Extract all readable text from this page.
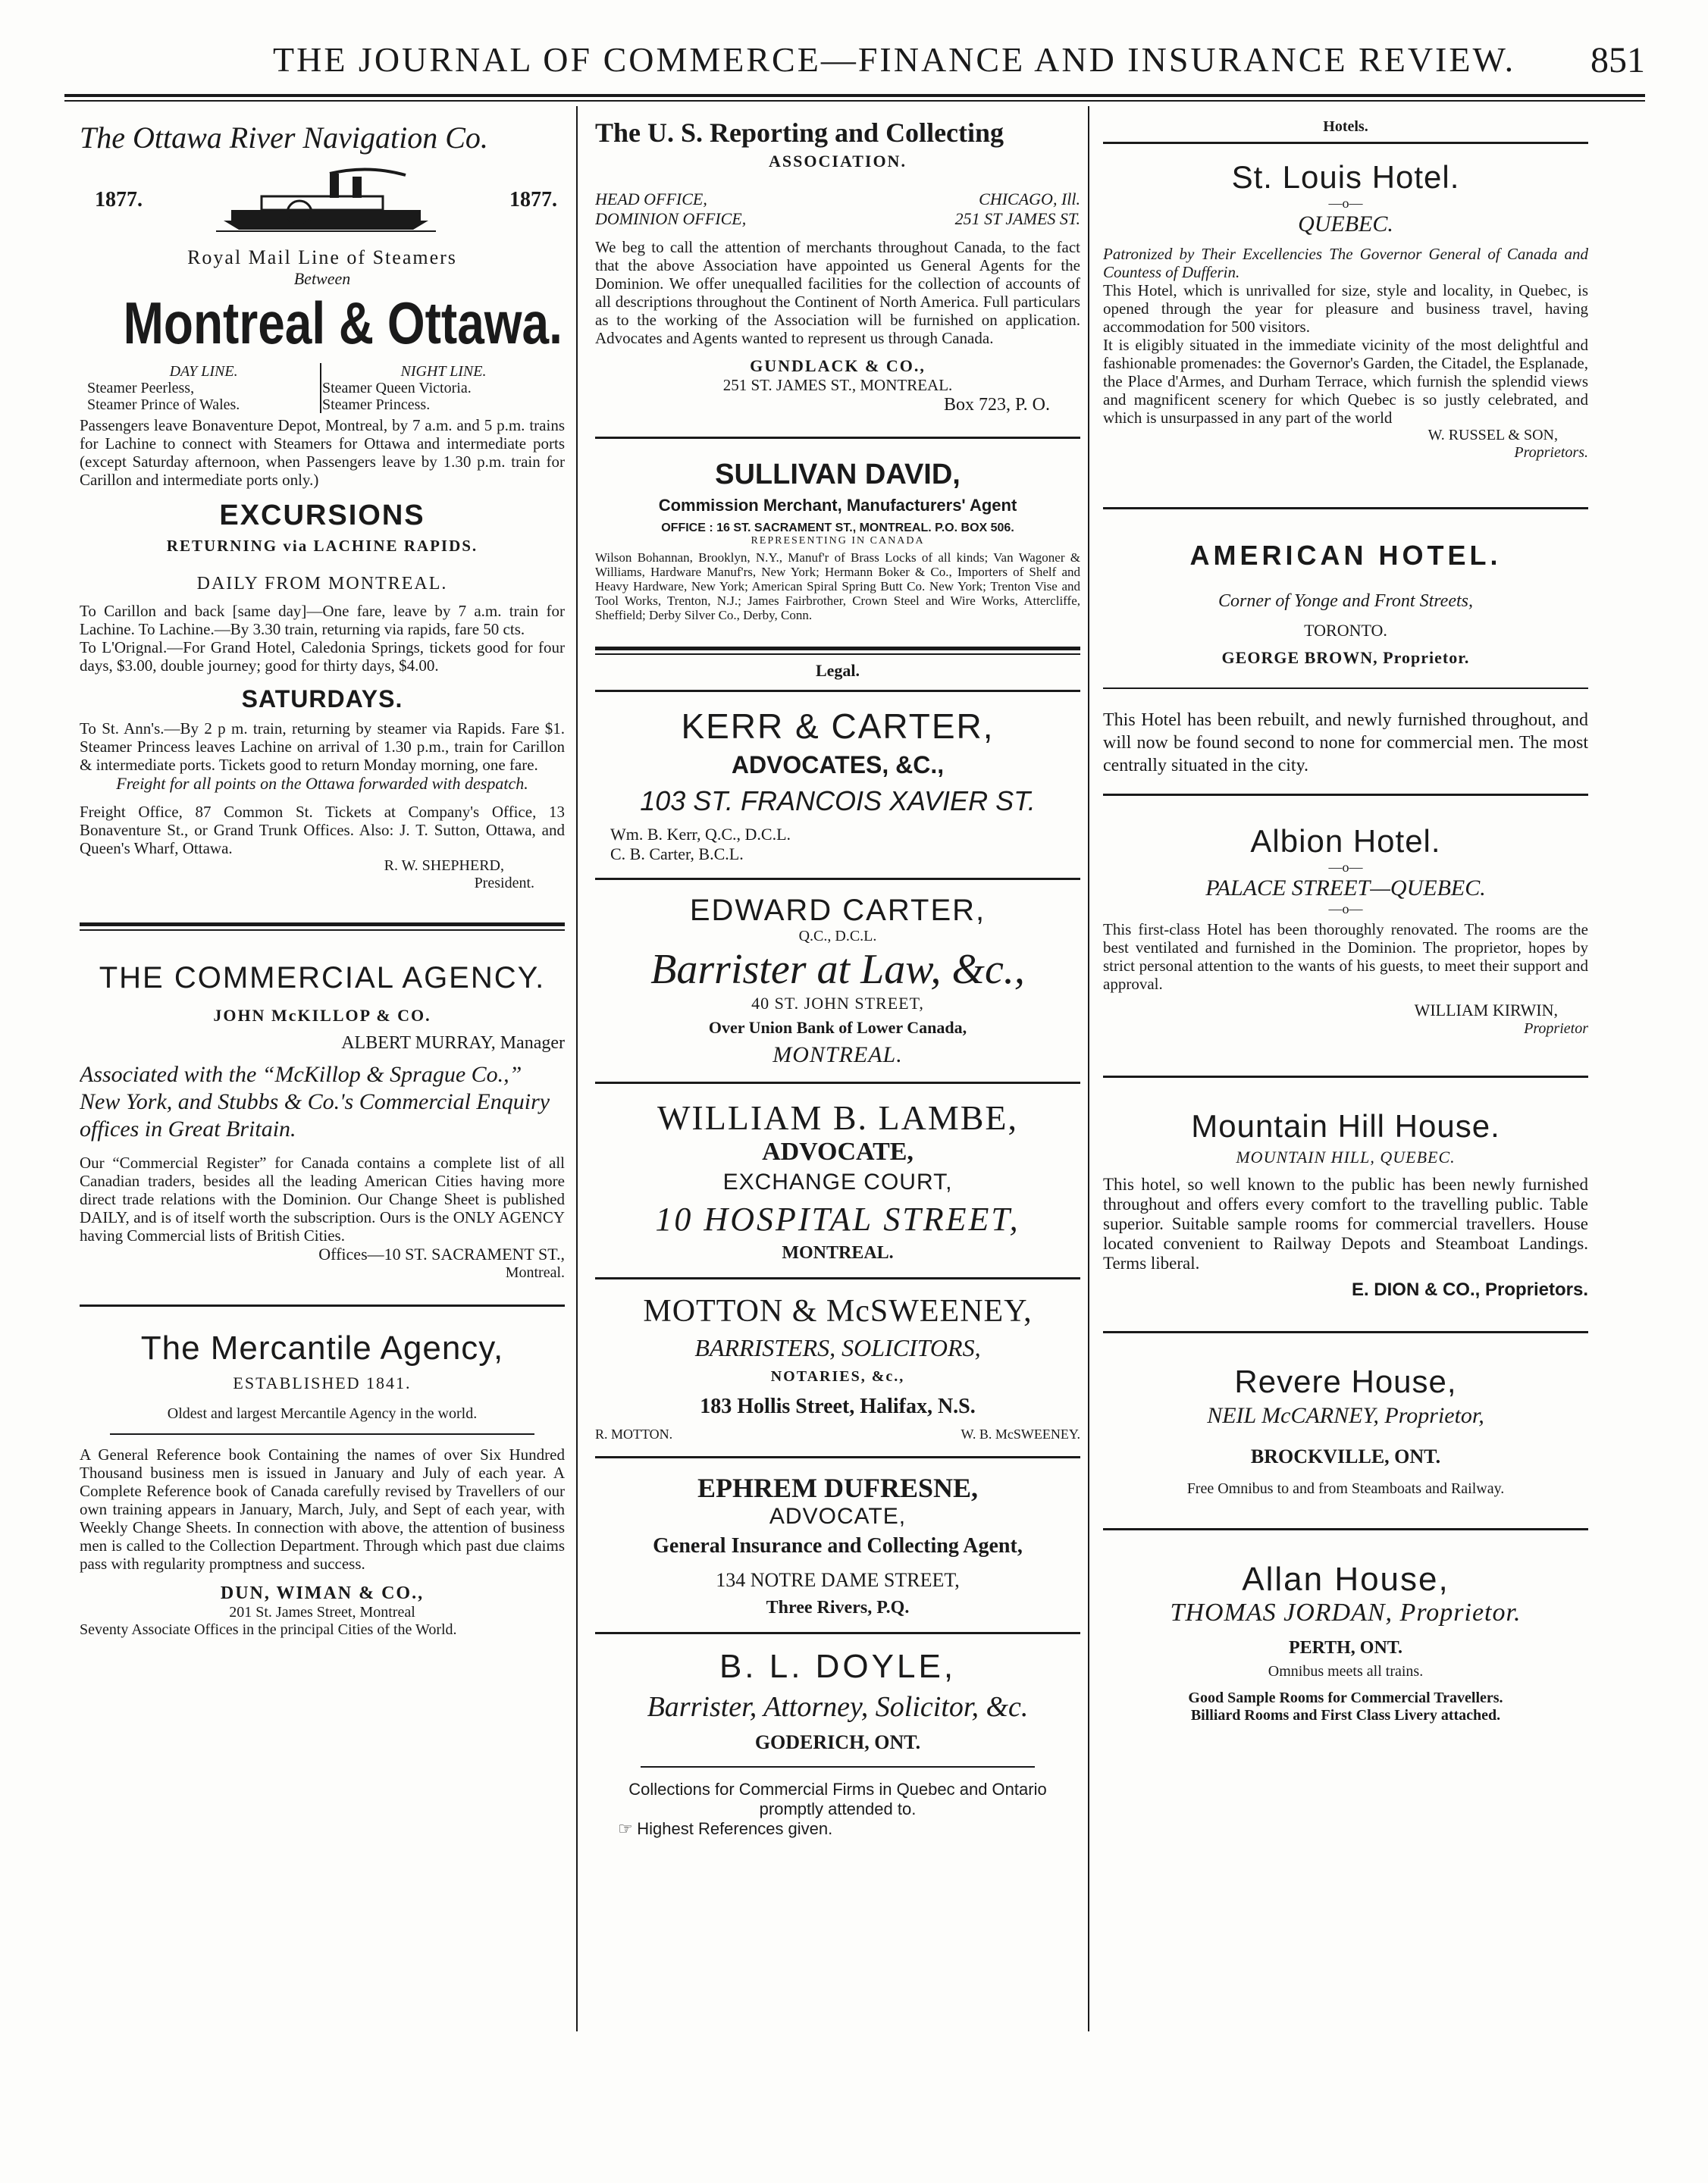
THE JOURNAL OF COMMERCE—FINANCE AND INSURANCE REVIEW. 851
The Ottawa River Navigation Co.
1877.	1877.
Royal Mail Line of Steamers
Between
Montreal & Ottawa.
DAY LINE.
Steamer Peerless,
Steamer Prince of Wales.
NIGHT LINE.
Steamer Queen Victoria.
Steamer Princess.
Passengers leave Bonaventure Depot, Montreal, by 7 a.m. and 5 p.m. trains for Lachine to connect with Steamers for Ottawa and intermediate ports (except Saturday afternoon, when Passengers leave by 1.30 p.m. train for Carillon and intermediate ports only.)
EXCURSIONS
RETURNING via LACHINE RAPIDS.
DAILY FROM MONTREAL.
To Carillon and back [same day]—One fare, leave by 7 a.m. train for Lachine. To Lachine.—By 3.30 train, returning via rapids, fare 50 cts.
To L'Orignal.—For Grand Hotel, Caledonia Springs, tickets good for four days, $3.00, double journey; good for thirty days, $4.00.
SATURDAYS.
To St. Ann's.—By 2 p m. train, returning by steamer via Rapids. Fare $1. Steamer Princess leaves Lachine on arrival of 1.30 p.m., train for Carillon & intermediate ports. Tickets good to return Monday morning, one fare.
Freight for all points on the Ottawa forwarded with despatch.
Freight Office, 87 Common St. Tickets at Company's Office, 13 Bonaventure St., or Grand Trunk Offices. Also: J. T. Sutton, Ottawa, and Queen's Wharf, Ottawa.
R. W. SHEPHERD,
President.
THE COMMERCIAL AGENCY.
JOHN McKILLOP & CO.
ALBERT MURRAY, Manager
Associated with the “McKillop & Sprague Co.,” New York, and Stubbs & Co.'s Commercial Enquiry offices in Great Britain.
Our “Commercial Register” for Canada contains a complete list of all Canadian traders, besides all the leading American Cities having more direct trade relations with the Dominion. Our Change Sheet is published DAILY, and is of itself worth the subscription. Ours is the ONLY AGENCY having Commercial lists of British Cities.
Offices—10 ST. SACRAMENT ST.,
Montreal.
The Mercantile Agency,
ESTABLISHED 1841.
Oldest and largest Mercantile Agency in the world.
A General Reference book Containing the names of over Six Hundred Thousand business men is issued in January and July of each year. A Complete Reference book of Canada carefully revised by Travellers of our own training appears in January, March, July, and Sept of each year, with Weekly Change Sheets. In connection with above, the attention of business men is called to the Collection Department. Through which past due claims pass with regularity promptness and success.
DUN, WIMAN & CO.,
201 St. James Street, Montreal
Seventy Associate Offices in the principal Cities of the World.
The U. S. Reporting and Collecting
ASSOCIATION.
HEAD OFFICE,	CHICAGO, Ill.
DOMINION OFFICE,	251 ST JAMES ST.
We beg to call the attention of merchants throughout Canada, to the fact that the above Association have appointed us General Agents for the Dominion. We offer unequalled facilities for the collection of accounts of all descriptions throughout the Continent of North America. Full particulars as to the working of the Association will be furnished on application. Advocates and Agents wanted to represent us through Canada.
GUNDLACK & CO.,
251 ST. JAMES ST., MONTREAL.
Box 723, P. O.
SULLIVAN DAVID,
Commission Merchant, Manufacturers' Agent
OFFICE : 16 ST. SACRAMENT ST., MONTREAL. P.O. BOX 506.
REPRESENTING IN CANADA
Wilson Bohannan, Brooklyn, N.Y., Manuf'r of Brass Locks of all kinds; Van Wagoner & Williams, Hardware Manuf'rs, New York; Hermann Boker & Co., Importers of Shelf and Heavy Hardware, New York; American Spiral Spring Butt Co. New York; Trenton Vise and Tool Works, Trenton, N.J.; James Fairbrother, Crown Steel and Wire Works, Attercliffe, Sheffield; Derby Silver Co., Derby, Conn.
Legal.
KERR & CARTER,
ADVOCATES, &C.,
103 ST. FRANCOIS XAVIER ST.
Wm. B. Kerr, Q.C., D.C.L.
C. B. Carter, B.C.L.
EDWARD CARTER,
Q.C., D.C.L.
Barrister at Law, &c.,
40 ST. JOHN STREET,
Over Union Bank of Lower Canada,
MONTREAL.
WILLIAM B. LAMBE,
ADVOCATE,
EXCHANGE COURT,
10 HOSPITAL STREET,
MONTREAL.
MOTTON & McSWEENEY,
BARRISTERS, SOLICITORS,
NOTARIES, &c.,
183 Hollis Street, Halifax, N.S.
R. MOTTON.	W. B. McSWEENEY.
EPHREM DUFRESNE,
ADVOCATE,
General Insurance and Collecting Agent,
134 NOTRE DAME STREET,
Three Rivers, P.Q.
B. L. DOYLE,
Barrister, Attorney, Solicitor, &c.
GODERICH, ONT.
Collections for Commercial Firms in Quebec and Ontario promptly attended to.
☞ Highest References given.
Hotels.
St. Louis Hotel.
—o—
QUEBEC.
Patronized by Their Excellencies The Governor General of Canada and Countess of Dufferin.
This Hotel, which is unrivalled for size, style and locality, in Quebec, is opened through the year for pleasure and business travel, having accommodation for 500 visitors.
It is eligibly situated in the immediate vicinity of the most delightful and fashionable promenades: the Governor's Garden, the Citadel, the Esplanade, the Place d'Armes, and Durham Terrace, which furnish the splendid views and magnificent scenery for which Quebec is so justly celebrated, and which is unsurpassed in any part of the world
W. RUSSEL & SON,
Proprietors.
AMERICAN HOTEL.
Corner of Yonge and Front Streets,
TORONTO.
GEORGE BROWN, Proprietor.
This Hotel has been rebuilt, and newly furnished throughout, and will now be found second to none for commercial men. The most centrally situated in the city.
Albion Hotel.
—o—
PALACE STREET—QUEBEC.
—o—
This first-class Hotel has been thoroughly renovated. The rooms are the best ventilated and furnished in the Dominion. The proprietor, hopes by strict personal attention to the wants of his guests, to meet their support and approval.
WILLIAM KIRWIN,
Proprietor
Mountain Hill House.
MOUNTAIN HILL, QUEBEC.
This hotel, so well known to the public has been newly furnished throughout and offers every comfort to the travelling public. Table superior. Suitable sample rooms for commercial travellers. House located convenient to Railway Depots and Steamboat Landings. Terms liberal.
E. DION & CO., Proprietors.
Revere House,
NEIL McCARNEY, Proprietor,
BROCKVILLE, ONT.
Free Omnibus to and from Steamboats and Railway.
Allan House,
THOMAS JORDAN, Proprietor.
PERTH, ONT.
Omnibus meets all trains.
Good Sample Rooms for Commercial Travellers.
Billiard Rooms and First Class Livery attached.
